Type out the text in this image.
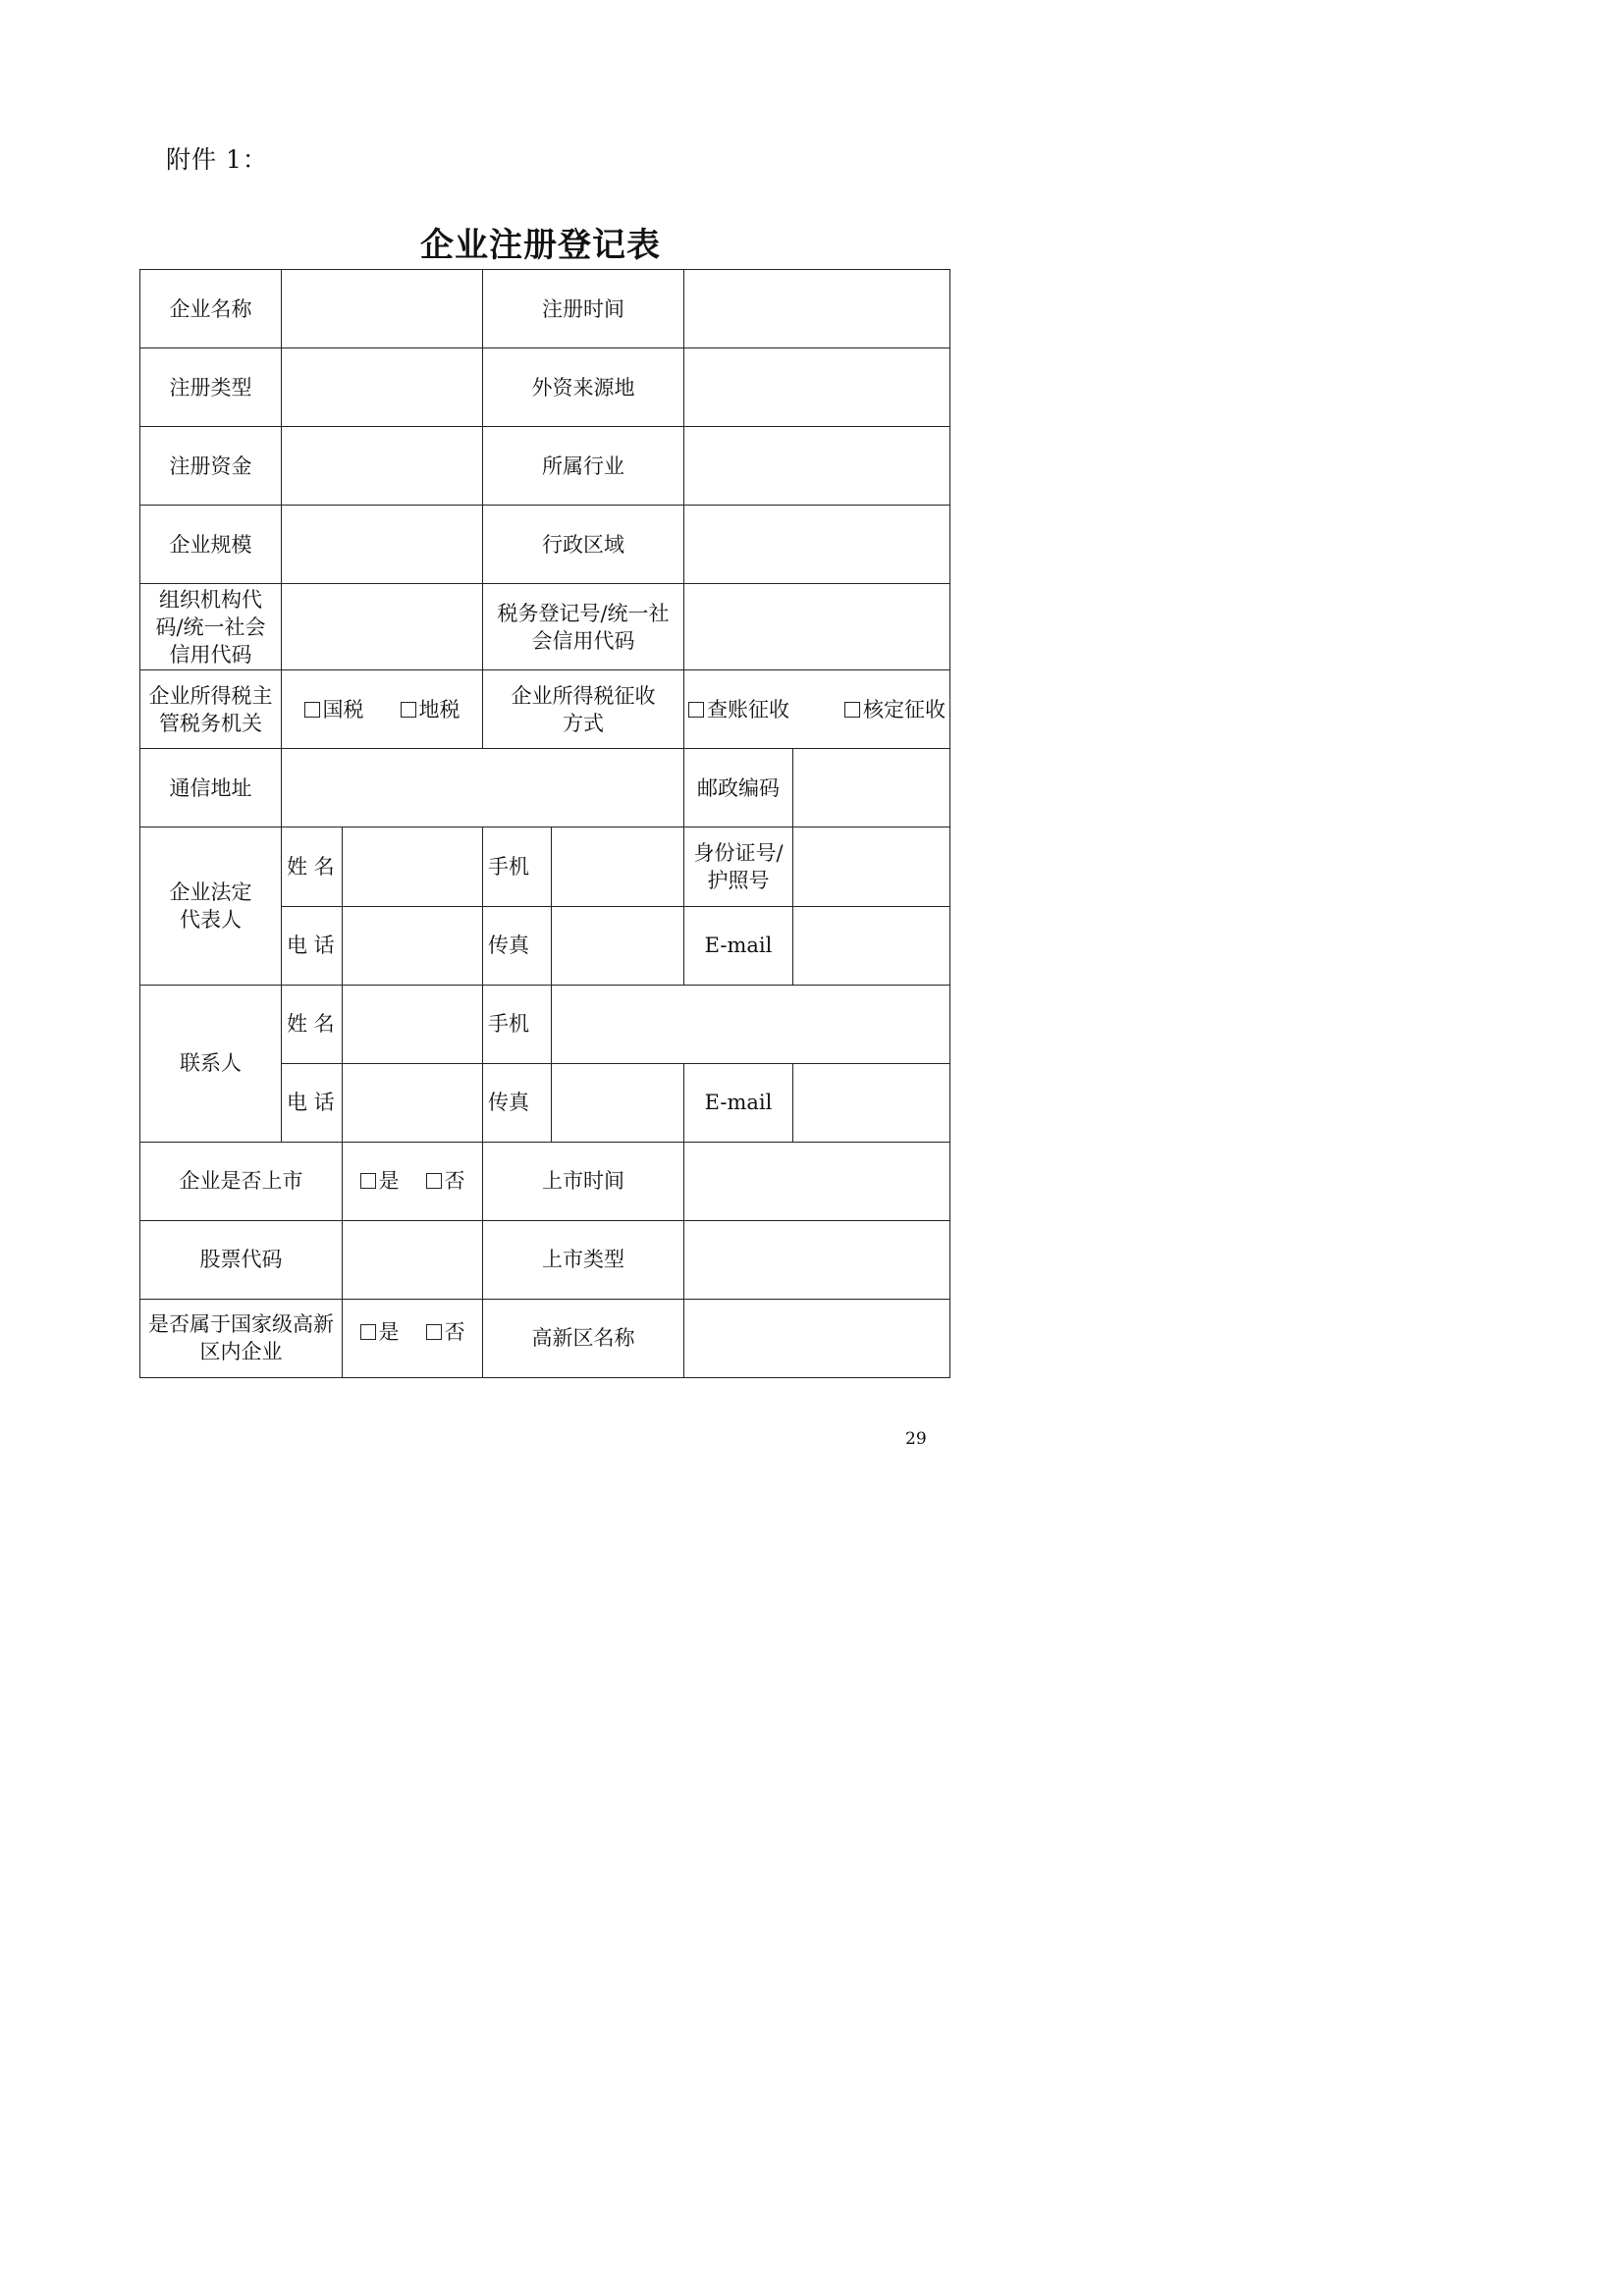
附件 1：
企业注册登记表
企业名称			注册时间			
注册类型			外资来源地			
注册资金			所属行业			
企业规模			行政区域			
组织机构代码/统一社会信用代码			税务登记号/统一社会信用代码			
企业所得税主管税务机关	国税 地税		企业所得税征收方式		查账征收 核定征收	

通信地址					邮政编码	
企业法定代表人	姓 名		手机		身份证号/护照号	
	电 话		传真		E-mail	
联系人	姓 名		手机			
	电 话		传真		E-mail	
企业是否上市		是 否	上市时间			
股票代码			上市类型			
是否属于国家级高新区内企业		是 否	高新区名称			
29
